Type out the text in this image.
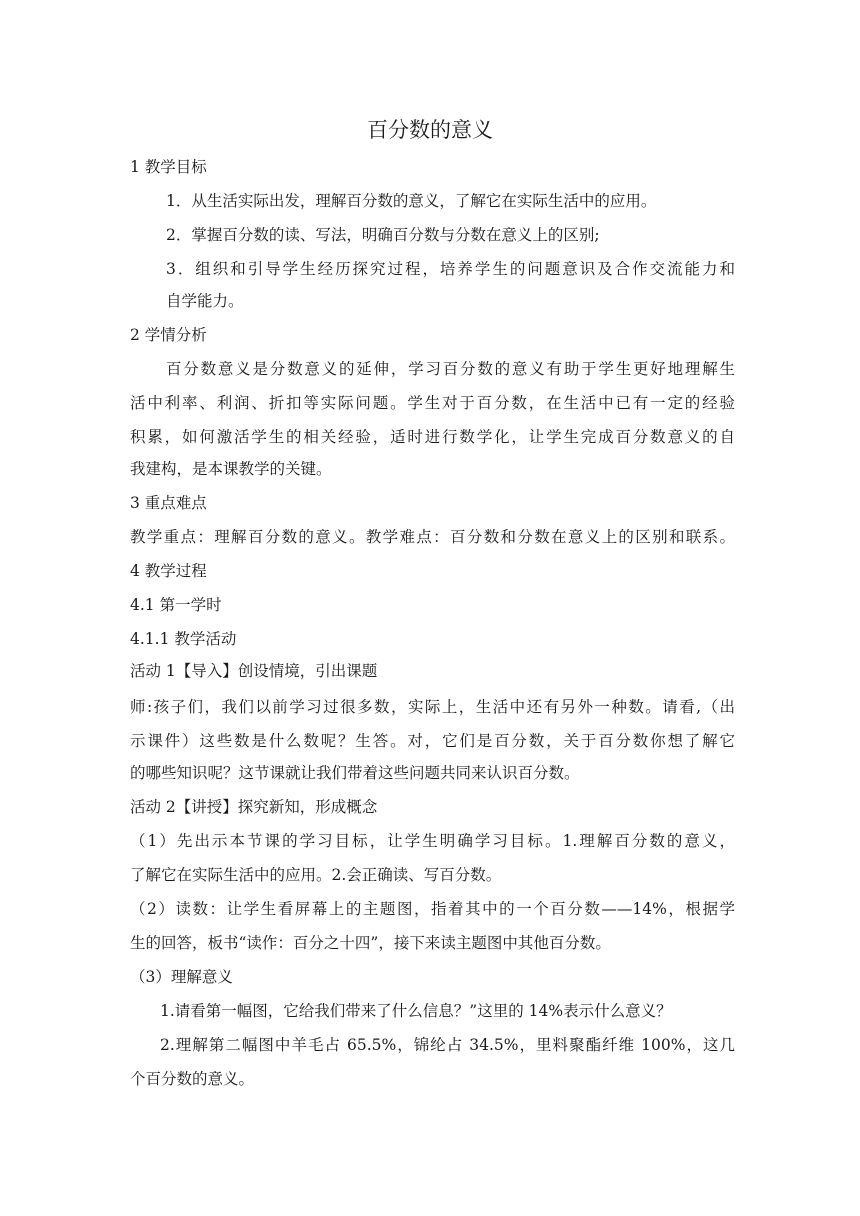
百分数的意义
1 教学目标
1．从生活实际出发，理解百分数的意义，了解它在实际生活中的应用。
2．掌握百分数的读、写法，明确百分数与分数在意义上的区别;
3．组织和引导学生经历探究过程，培养学生的问题意识及合作交流能力和
自学能力。
2 学情分析
百分数意义是分数意义的延伸，学习百分数的意义有助于学生更好地理解生
活中利率、利润、折扣等实际问题。学生对于百分数，在生活中已有一定的经验
积累，如何激活学生的相关经验，适时进行数学化，让学生完成百分数意义的自
我建构，是本课教学的关键。
3 重点难点
教学重点：理解百分数的意义。教学难点：百分数和分数在意义上的区别和联系。
4 教学过程
4.1 第一学时
4.1.1 教学活动
活动 1【导入】创设情境，引出课题
师:孩子们，我们以前学习过很多数，实际上，生活中还有另外一种数。请看,（出
示课件）这些数是什么数呢？生答。对，它们是百分数，关于百分数你想了解它
的哪些知识呢？这节课就让我们带着这些问题共同来认识百分数。
活动 2【讲授】探究新知，形成概念
（1）先出示本节课的学习目标，让学生明确学习目标。1.理解百分数的意义，
了解它在实际生活中的应用。2.会正确读、写百分数。
（2）读数：让学生看屏幕上的主题图，指着其中的一个百分数——14%，根据学
生的回答，板书“读作：百分之十四”，接下来读主题图中其他百分数。
（3）理解意义
1.请看第一幅图，它给我们带来了什么信息？”这里的 14%表示什么意义？
2.理解第二幅图中羊毛占 65.5%，锦纶占 34.5%，里料聚酯纤维 100%，这几
个百分数的意义。
